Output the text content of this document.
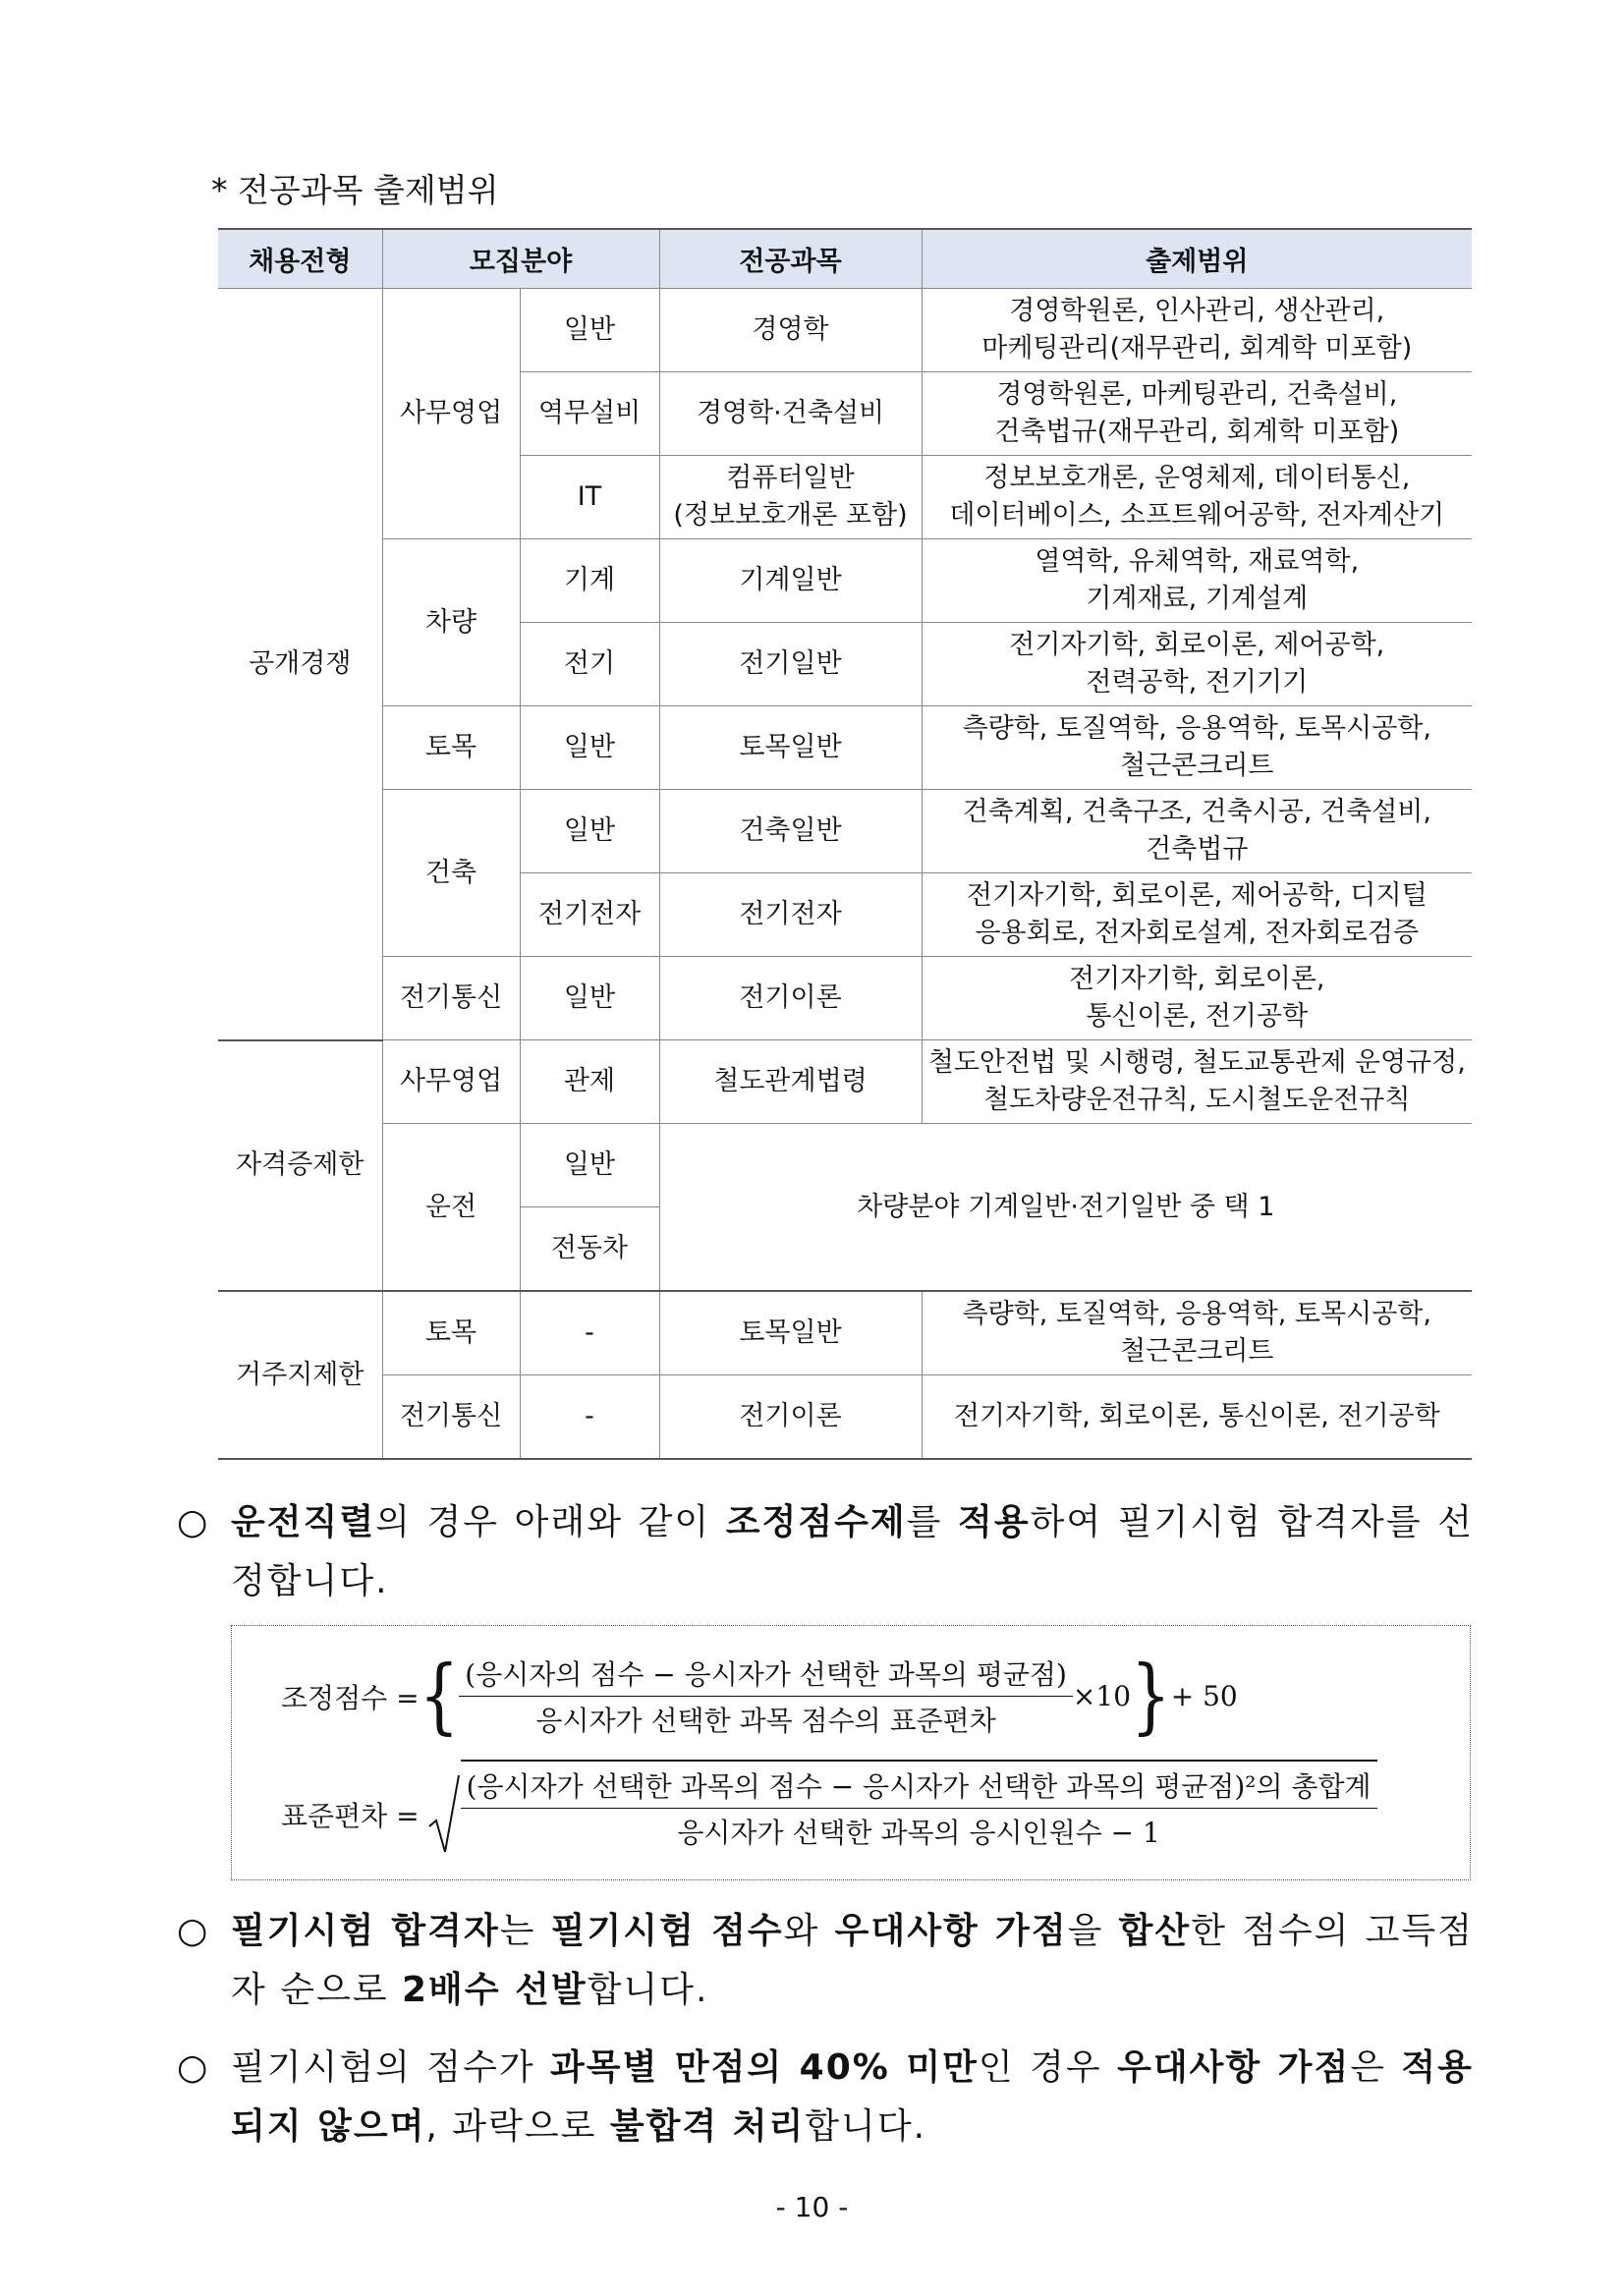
* 전공과목 출제범위
채용전형	모집분야		전공과목	출제범위
공개경쟁	사무영업	일반	경영학	경영학원론, 인사관리, 생산관리,
마케팅관리(재무관리, 회계학 미포함)
		역무설비	경영학·건축설비	경영학원론, 마케팅관리, 건축설비,
건축법규(재무관리, 회계학 미포함)
		IT	컴퓨터일반
(정보보호개론 포함)	정보보호개론, 운영체제, 데이터통신,
데이터베이스, 소프트웨어공학, 전자계산기
	차량	기계	기계일반	열역학, 유체역학, 재료역학,
기계재료, 기계설계
		전기	전기일반	전기자기학, 회로이론, 제어공학,
전력공학, 전기기기
	토목	일반	토목일반	측량학, 토질역학, 응용역학, 토목시공학,
철근콘크리트
	건축	일반	건축일반	건축계획, 건축구조, 건축시공, 건축설비,
건축법규
		전기전자	전기전자	전기자기학, 회로이론, 제어공학, 디지털
응용회로, 전자회로설계, 전자회로검증
	전기통신	일반	전기이론	전기자기학, 회로이론,
통신이론, 전기공학
자격증제한	사무영업	관제	철도관계법령	철도안전법 및 시행령, 철도교통관제 운영규정,
철도차량운전규칙, 도시철도운전규칙
	운전	일반	차량분야 기계일반·전기일반 중 택 1	
		전동차		
거주지제한	토목	-	토목일반	측량학, 토질역학, 응용역학, 토목시공학,
철근콘크리트
	전기통신	-	전기이론	전기자기학, 회로이론, 통신이론, 전기공학
○ 운전직렬의 경우 아래와 같이 조정점수제를 적용하여 필기시험 합격자를 선정합니다.
조정점수 = { $\frac{\text{(응시자의 점수 − 응시자가 선택한 과목의 평균점)}}{\text{응시자가 선택한 과목 점수의 표준편차}} \times 10$ } + 50
표준편차 = $\frac{\text{(응시자가 선택한 과목의 점수 − 응시자가 선택한 과목의 평균점)²의 총합계}}{\text{응시자가 선택한 과목의 응시인원수 − 1}}$
○ 필기시험 합격자는 필기시험 점수와 우대사항 가점을 합산한 점수의 고득점자 순으로 2배수 선발합니다.
○ 필기시험의 점수가 과목별 만점의 40% 미만인 경우 우대사항 가점은 적용되지 않으며, 과락으로 불합격 처리합니다.
- 10 -
